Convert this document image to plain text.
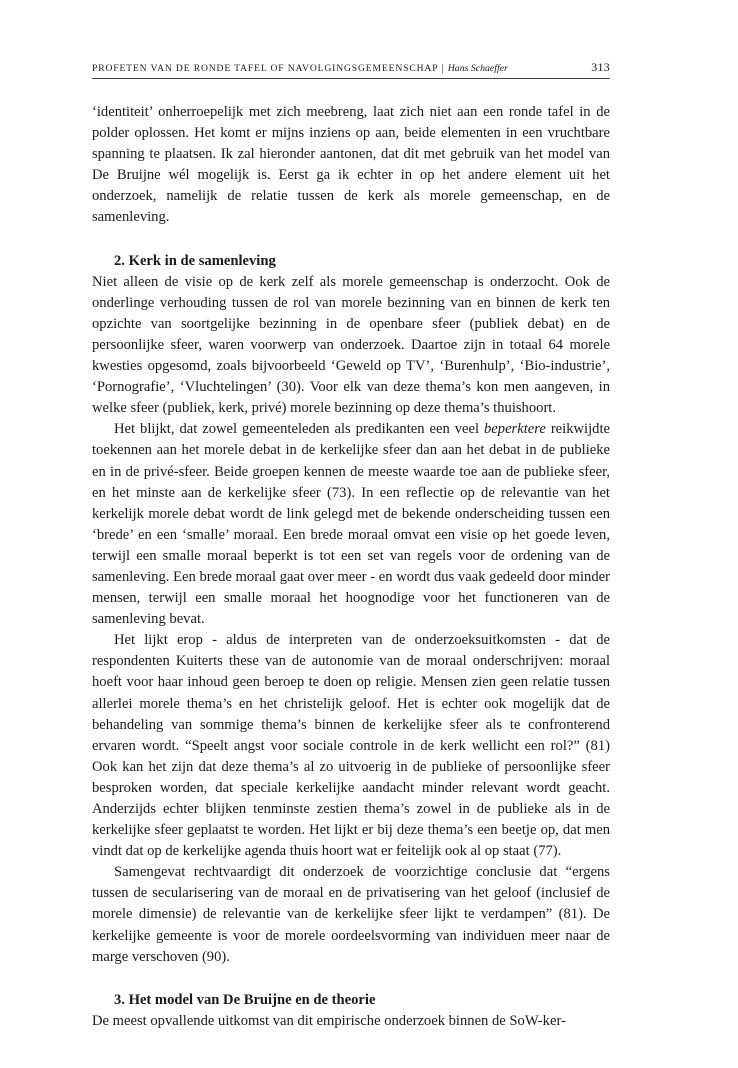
PROFETEN VAN DE RONDE TAFEL OF NAVOLGINGSGEMEENSCHAP | Hans Schaeffer	313

‘identiteit’ onherroepelijk met zich meebreng, laat zich niet aan een ronde tafel in de polder oplossen. Het komt er mijns inziens op aan, beide elementen in een vruchtbare spanning te plaatsen. Ik zal hieronder aantonen, dat dit met gebruik van het model van De Bruijne wél mogelijk is. Eerst ga ik echter in op het andere element uit het onderzoek, namelijk de relatie tussen de kerk als morele gemeenschap, en de samenleving.

2. Kerk in de samenleving

Niet alleen de visie op de kerk zelf als morele gemeenschap is onderzocht. Ook de onderlinge verhouding tussen de rol van morele bezinning van en binnen de kerk ten opzichte van soortgelijke bezinning in de openbare sfeer (publiek debat) en de persoonlijke sfeer, waren voorwerp van onderzoek. Daartoe zijn in totaal 64 morele kwesties opgesomd, zoals bijvoorbeeld ‘Geweld op TV’, ‘Burenhulp’, ‘Bio-industrie’, ‘Pornografie’, ‘Vluchtelingen’ (30). Voor elk van deze thema’s kon men aangeven, in welke sfeer (publiek, kerk, privé) morele bezinning op deze thema’s thuishoort.

Het blijkt, dat zowel gemeenteleden als predikanten een veel beperktere reikwijdte toekennen aan het morele debat in de kerkelijke sfeer dan aan het debat in de publieke en in de privé-sfeer. Beide groepen kennen de meeste waarde toe aan de publieke sfeer, en het minste aan de kerkelijke sfeer (73). In een reflectie op de relevantie van het kerkelijk morele debat wordt de link gelegd met de bekende onderscheiding tussen een ‘brede’ en een ‘smalle’ moraal. Een brede moraal omvat een visie op het goede leven, terwijl een smalle moraal beperkt is tot een set van regels voor de ordening van de samenleving. Een brede moraal gaat over meer - en wordt dus vaak gedeeld door minder mensen, terwijl een smalle moraal het hoognodige voor het functioneren van de samenleving bevat.

Het lijkt erop - aldus de interpreten van de onderzoeksuitkomsten - dat de respondenten Kuiterts these van de autonomie van de moraal onderschrijven: moraal hoeft voor haar inhoud geen beroep te doen op religie. Mensen zien geen relatie tussen allerlei morele thema’s en het christelijk geloof. Het is echter ook mogelijk dat de behandeling van sommige thema’s binnen de kerkelijke sfeer als te confronterend ervaren wordt. “Speelt angst voor sociale controle in de kerk wellicht een rol?” (81) Ook kan het zijn dat deze thema’s al zo uitvoerig in de publieke of persoonlijke sfeer besproken worden, dat speciale kerkelijke aandacht minder relevant wordt geacht. Anderzijds echter blijken tenminste zestien thema’s zowel in de publieke als in de kerkelijke sfeer geplaatst te worden. Het lijkt er bij deze thema’s een beetje op, dat men vindt dat op de kerkelijke agenda thuis hoort wat er feitelijk ook al op staat (77).

Samengevat rechtvaardigt dit onderzoek de voorzichtige conclusie dat “ergens tussen de secularisering van de moraal en de privatisering van het geloof (inclusief de morele dimensie) de relevantie van de kerkelijke sfeer lijkt te verdampen” (81). De kerkelijke gemeente is voor de morele oordeelsvorming van individuen meer naar de marge verschoven (90).

3. Het model van De Bruijne en de theorie

De meest opvallende uitkomst van dit empirische onderzoek binnen de SoW-ker-
